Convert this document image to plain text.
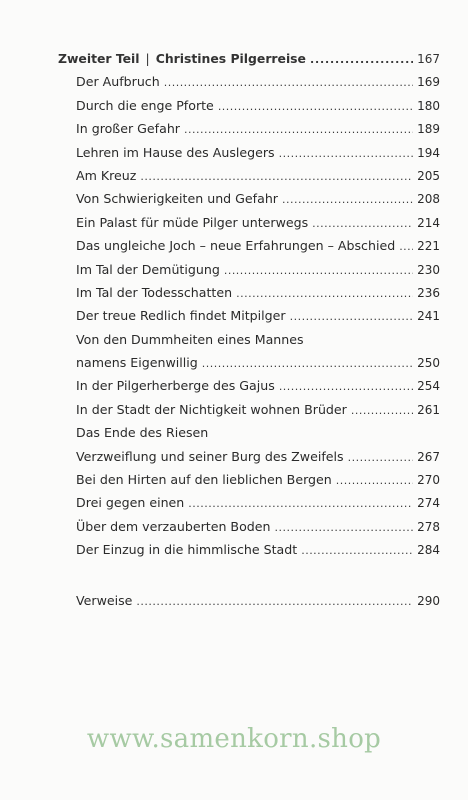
Zweiter Teil | Christines Pilgerreise . . .	167
Der Aufbruch . . .	169
Durch die enge Pforte . . .	180
In großer Gefahr . . .	189
Lehren im Hause des Auslegers . . .	194
Am Kreuz . . .	205
Von Schwierigkeiten und Gefahr . . .	208
Ein Palast für müde Pilger unterwegs . . .	214
Das ungleiche Joch – neue Erfahrungen – Abschied . . . 221
Im Tal der Demütigung . . .	230
Im Tal der Todesschatten . . .	236
Der treue Redlich findet Mitpilger . . .	241
Von den Dummheiten eines Mannes
namens Eigenwillig . . .	250
In der Pilgerherberge des Gajus . . .	254
In der Stadt der Nichtigkeit wohnen Brüder . . .	261
Das Ende des Riesen
Verzweiflung und seiner Burg des Zweifels . . .	267
Bei den Hirten auf den lieblichen Bergen . . .	270
Drei gegen einen . . .	274
Über dem verzauberten Boden . . .	278
Der Einzug in die himmlische Stadt . . .	284
Verweise . . .	290
www.samenkorn.shop
